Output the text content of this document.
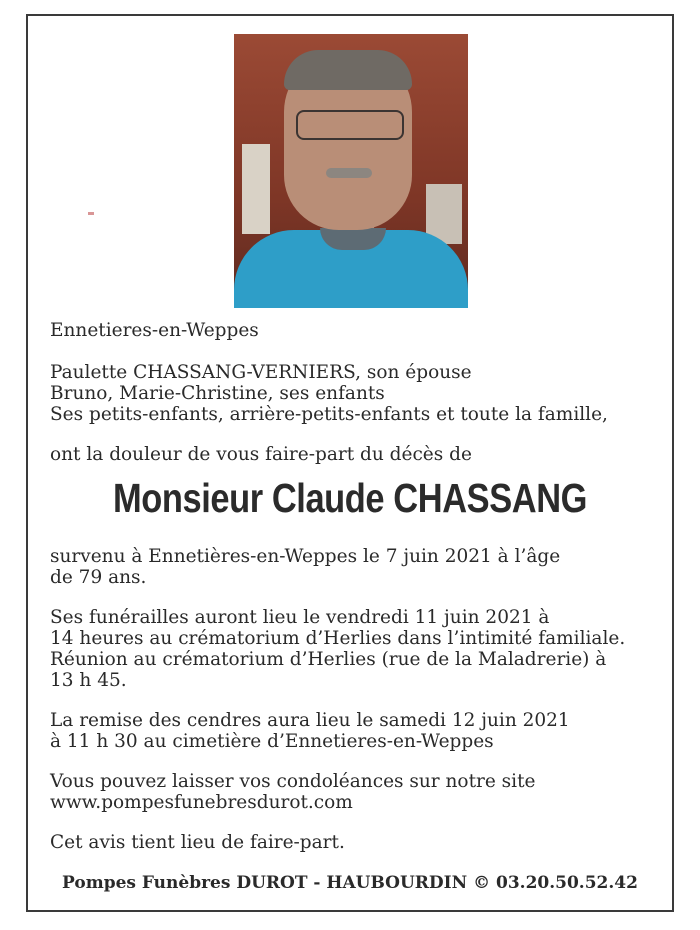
Ennetieres-en-Weppes
Paulette CHASSANG-VERNIERS, son épouse
Bruno, Marie-Christine, ses enfants
Ses petits-enfants, arrière-petits-enfants et toute la famille,
ont la douleur de vous faire-part du décès de
Monsieur Claude CHASSANG
survenu à Ennetières-en-Weppes le 7 juin 2021 à l’âge
de 79 ans.
Ses funérailles auront lieu le vendredi 11 juin 2021 à
14 heures au crématorium d’Herlies dans l’intimité familiale.
Réunion au crématorium d’Herlies (rue de la Maladrerie) à
13 h 45.
La remise des cendres aura lieu le samedi 12 juin 2021
à 11 h 30 au cimetière d’Ennetieres-en-Weppes
Vous pouvez laisser vos condoléances sur notre site
www.pompesfunebresdurot.com
Cet avis tient lieu de faire-part.
Pompes Funèbres DUROT - HAUBOURDIN © 03.20.50.52.42
